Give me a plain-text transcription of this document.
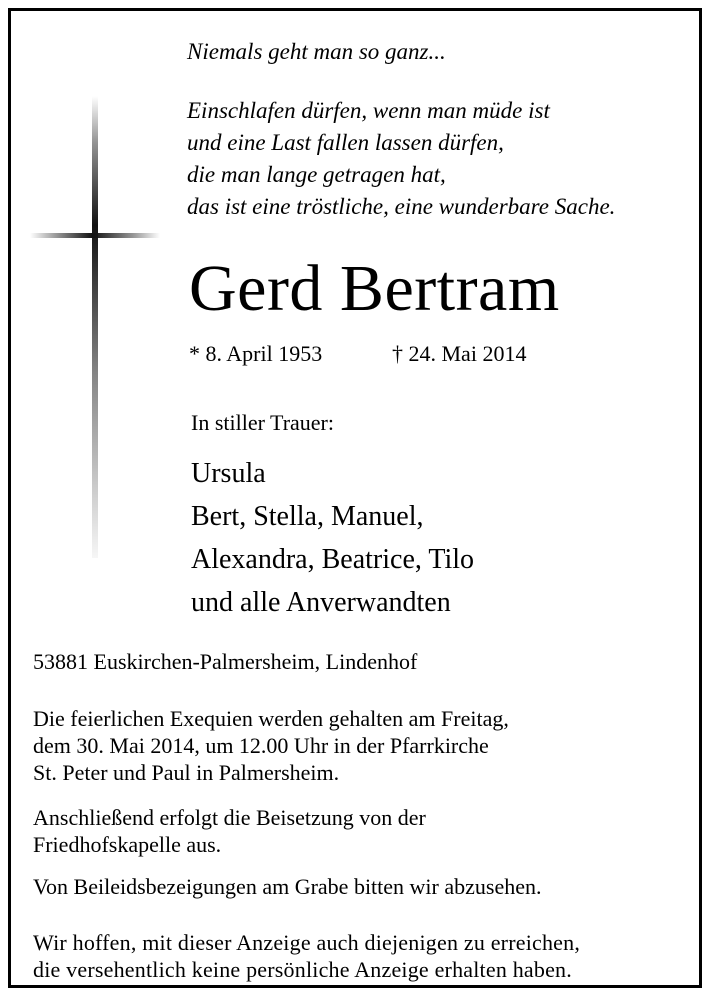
Niemals geht man so ganz...
Einschlafen dürfen, wenn man müde ist
und eine Last fallen lassen dürfen,
die man lange getragen hat,
das ist eine tröstliche, eine wunderbare Sache.
Gerd Bertram
* 8. April 1953	† 24. Mai 2014
In stiller Trauer:
Ursula
Bert, Stella, Manuel,
Alexandra, Beatrice, Tilo
und alle Anverwandten
53881 Euskirchen-Palmersheim, Lindenhof
Die feierlichen Exequien werden gehalten am Freitag,
dem 30. Mai 2014, um 12.00 Uhr in der Pfarrkirche
St. Peter und Paul in Palmersheim.
Anschließend erfolgt die Beisetzung von der
Friedhofskapelle aus.
Von Beileidsbezeigungen am Grabe bitten wir abzusehen.
Wir hoffen, mit dieser Anzeige auch diejenigen zu erreichen,
die versehentlich keine persönliche Anzeige erhalten haben.
